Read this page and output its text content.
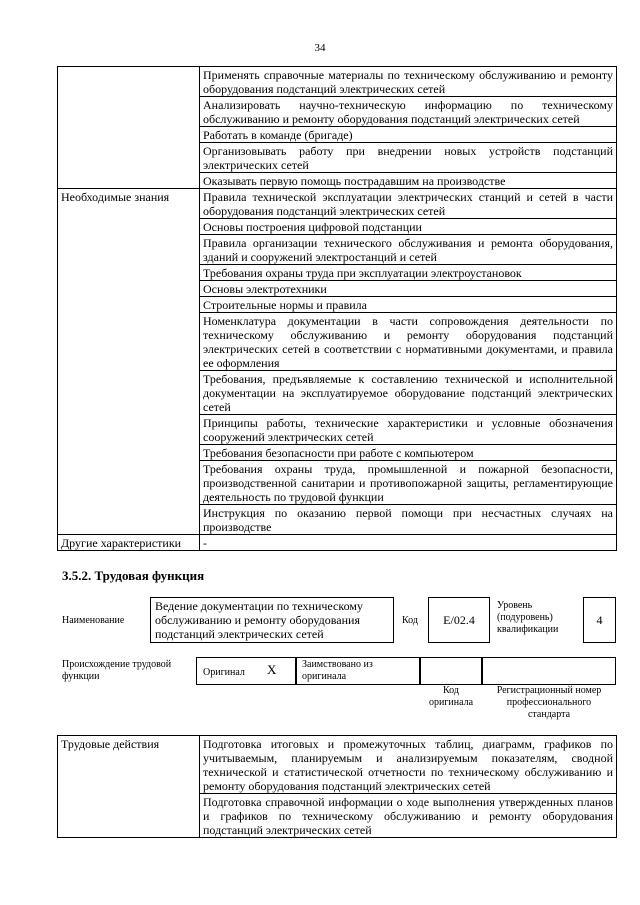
34
	Применять справочные материалы по техническому обслуживанию и ремонту оборудования подстанций электрических сетей
	Анализировать научно-техническую информацию по техническому обслуживанию и ремонту оборудования подстанций электрических сетей
	Работать в команде (бригаде)
	Организовывать работу при внедрении новых устройств подстанций электрических сетей
	Оказывать первую помощь пострадавшим на производстве
Необходимые знания	Правила технической эксплуатации электрических станций и сетей в части оборудования подстанций электрических сетей
	Основы построения цифровой подстанции
	Правила организации технического обслуживания и ремонта оборудования, зданий и сооружений электростанций и сетей
	Требования охраны труда при эксплуатации электроустановок
	Основы электротехники
	Строительные нормы и правила
	Номенклатура документации в части сопровождения деятельности по техническому обслуживанию и ремонту оборудования подстанций электрических сетей в соответствии с нормативными документами, и правила ее оформления
	Требования, предъявляемые к составлению технической и исполнительной документации на эксплуатируемое оборудование подстанций электрических сетей
	Принципы работы, технические характеристики и условные обозначения сооружений электрических сетей
	Требования безопасности при работе с компьютером
	Требования охраны труда, промышленной и пожарной безопасности, производственной санитарии и противопожарной защиты, регламентирующие деятельность по трудовой функции
	Инструкция по оказанию первой помощи при несчастных случаях на производстве
Другие характеристики	-
3.5.2. Трудовая функция
Наименование
Ведение документации по техническому обслуживанию и ремонту оборудования подстанций электрических сетей
Код	E/02.4
Уровень (подуровень) квалификации
4
Происхождение трудовой функции	Оригинал X	Заимствовано из оригинала
Код оригинала
Регистрационный номер профессионального стандарта
Трудовые действия	Подготовка итоговых и промежуточных таблиц, диаграмм, графиков по учитываемым, планируемым и анализируемым показателям, сводной технической и статистической отчетности по техническому обслуживанию и ремонту оборудования подстанций электрических сетей
Подготовка справочной информации о ходе выполнения утвержденных планов и графиков по техническому обслуживанию и ремонту оборудования подстанций электрических сетей
